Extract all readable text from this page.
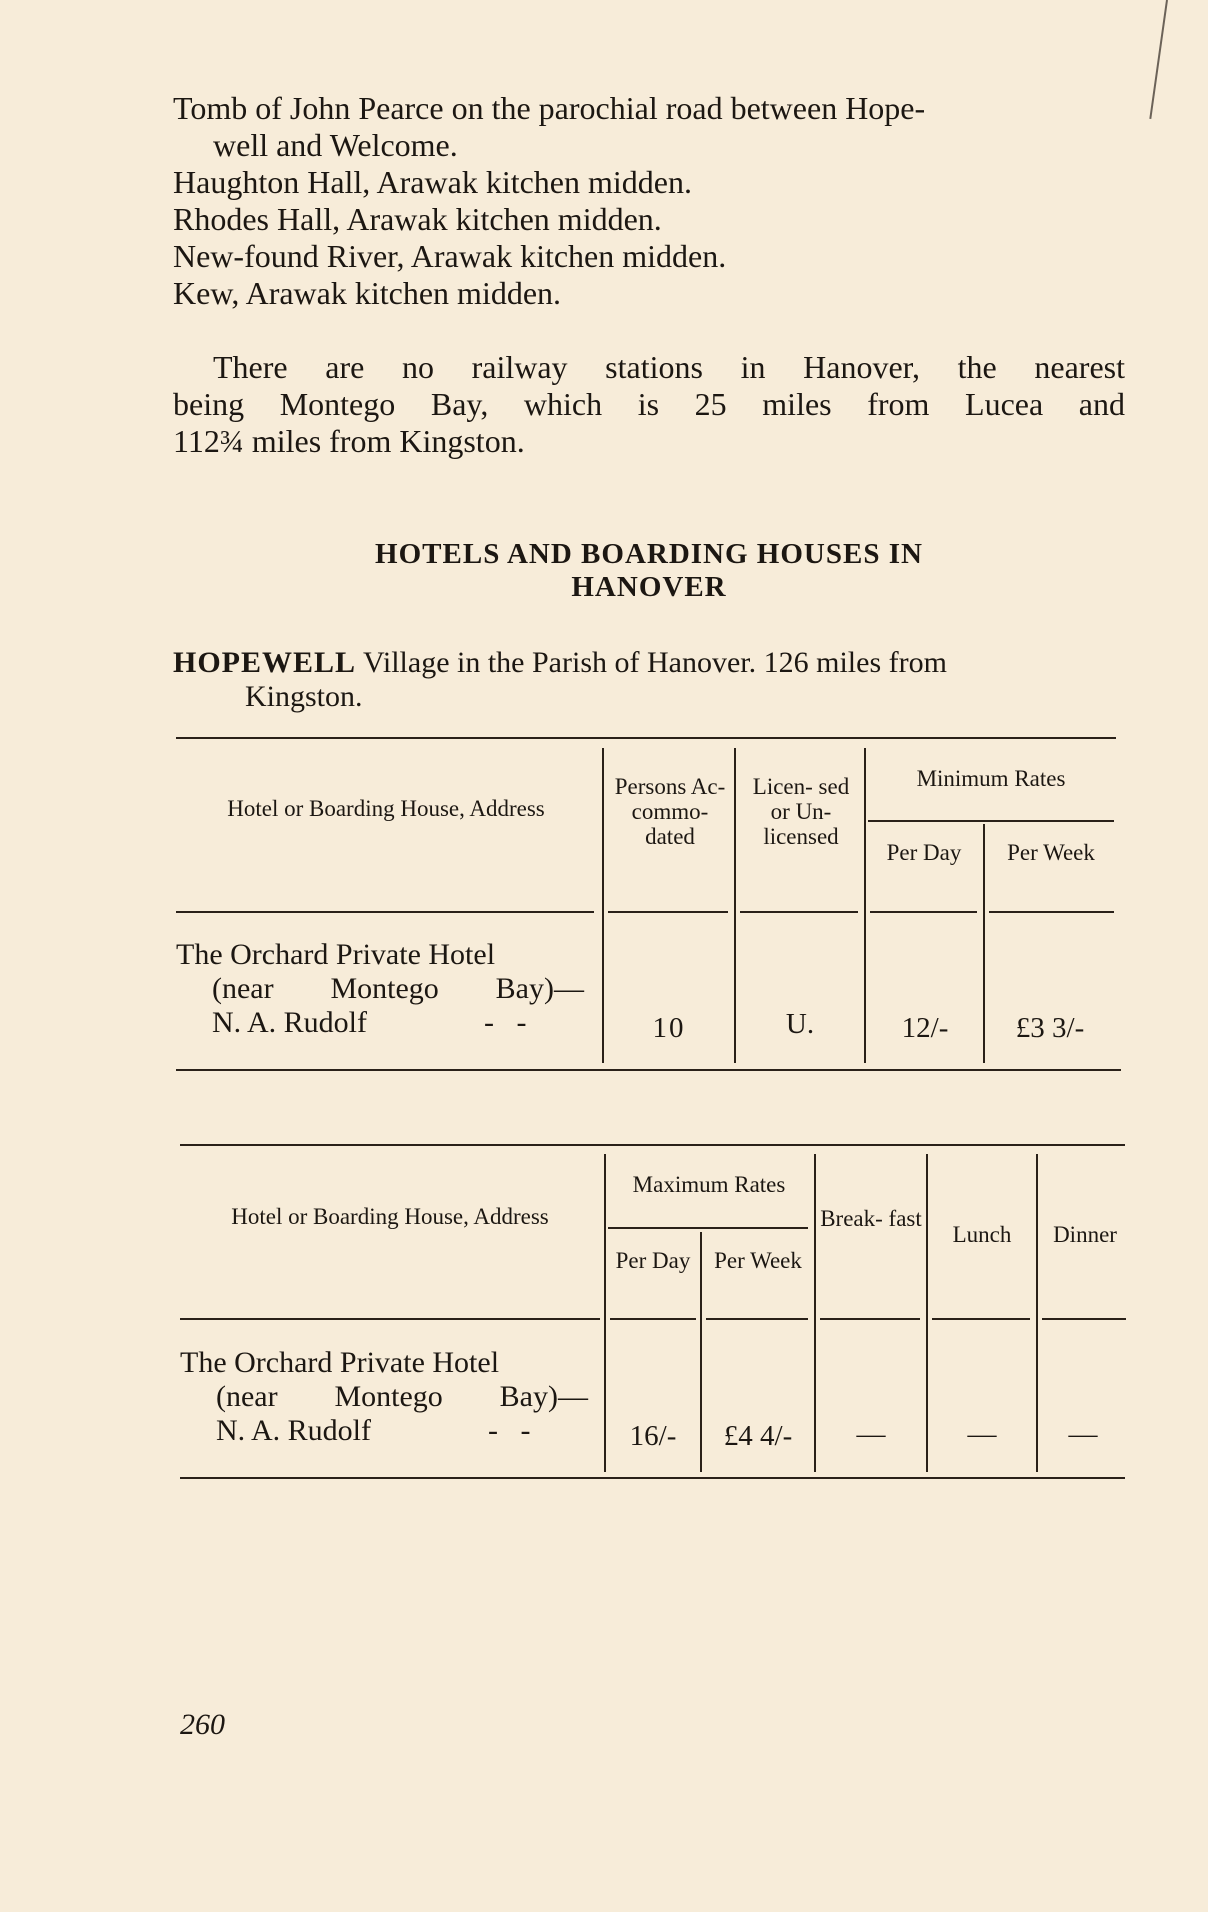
Tomb of John Pearce on the parochial road between Hope-
well and Welcome.
Haughton Hall, Arawak kitchen midden.
Rhodes Hall, Arawak kitchen midden.
New-found River, Arawak kitchen midden.
Kew, Arawak kitchen midden.
There are no railway stations in Hanover, the nearest
being Montego Bay, which is 25 miles from Lucea and
112¾ miles from Kingston.
HOTELS AND BOARDING HOUSES IN
HANOVER
HOPEWELL Village in the Parish of Hanover. 126 miles from
Kingston.
Hotel or Boarding House, Address
Persons Ac- commo- dated
Licen- sed or Un- licensed
Minimum Rates
Per Day	Per Week
The Orchard Private Hotel
(near Montego Bay)—
N. A. Rudolf	-   -	10	U.	12/-	£3 3/-
Hotel or Boarding House, Address
Maximum Rates
Per Day	Per Week
Break- fast
Lunch	Dinner
The Orchard Private Hotel
(near Montego Bay)—
N. A. Rudolf	-   -	16/-	£4 4/-	—	—	—
260
